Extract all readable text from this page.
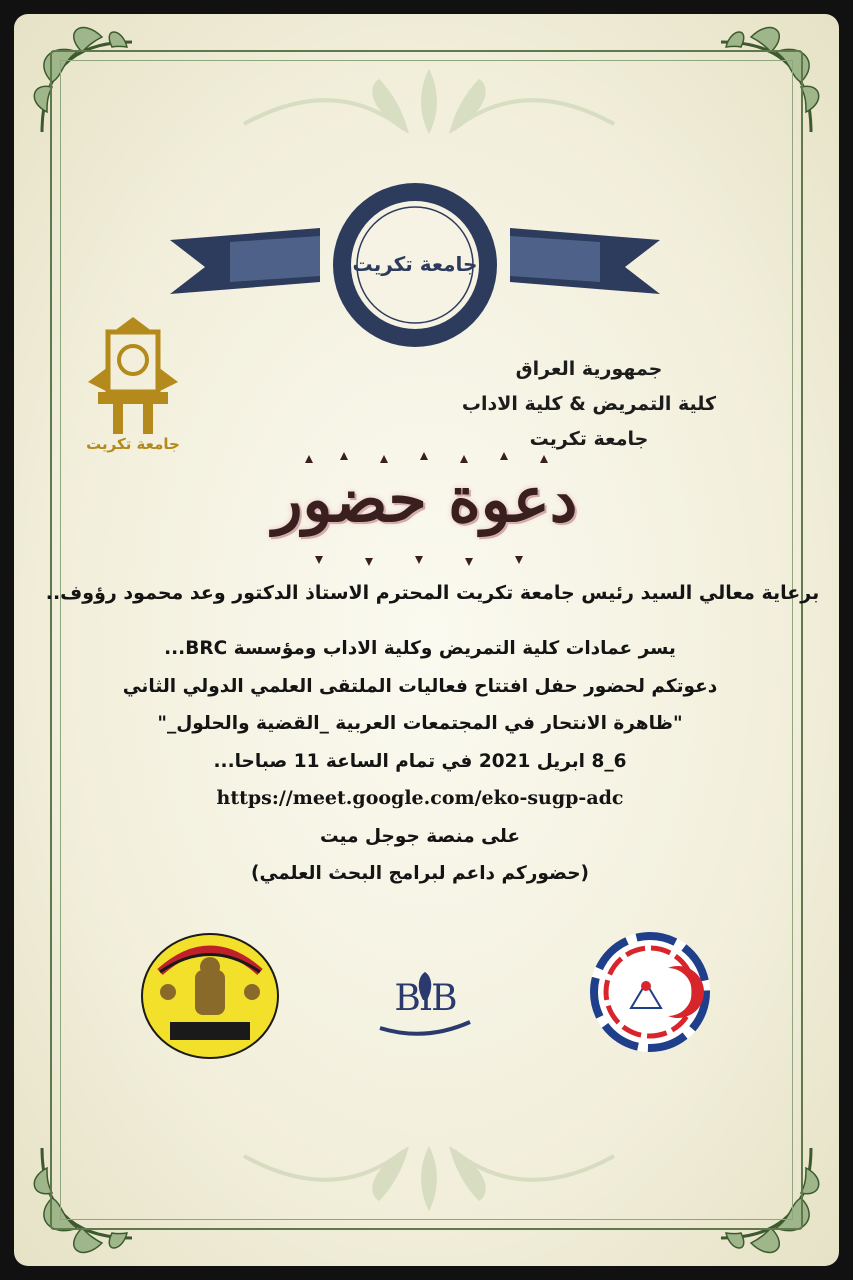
جامعة تكريت
جامعة تكريت
جمهورية العراق
كلية التمريض & كلية الاداب
جامعة تكريت
دعوة حضور
برعاية معالي السيد رئيس جامعة تكريت المحترم الاستاذ الدكتور وعد محمود رؤوف..
يسر عمادات كلية التمريض وكلية الاداب ومؤسسة BRC...
دعوتكم لحضور حفل افتتاح فعاليات الملتقى العلمي الدولي الثاني
"ظاهرة الانتحار في المجتمعات العربية _القضية والحلول_"
6_8 ابريل 2021 في تمام الساعة 11 صباحا...
https://meet.google.com/eko-sugp-adc
على منصة جوجل ميت
(حضوركم داعم لبرامج البحث العلمي)
BIB
